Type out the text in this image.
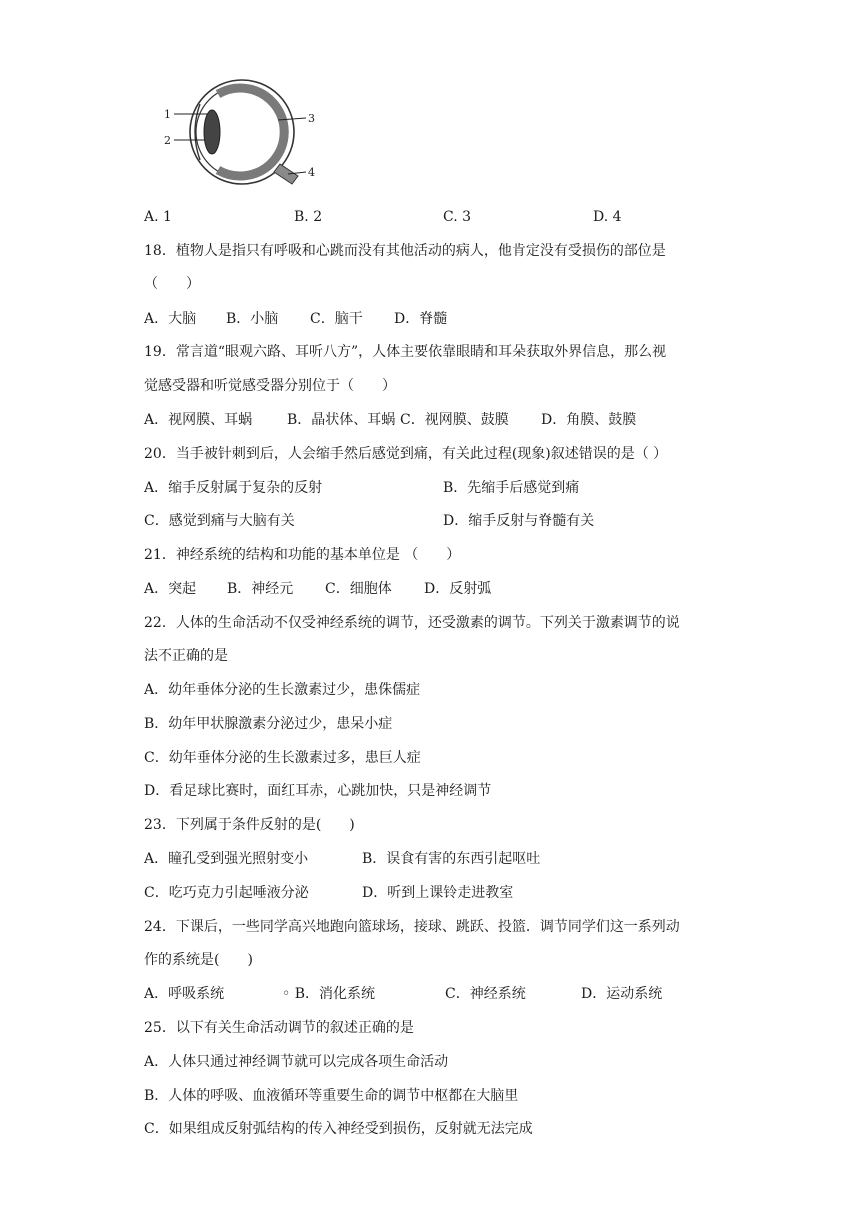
1
2
3
4
A. 1	B. 2	C. 3	D. 4
18．植物人是指只有呼吸和心跳而没有其他活动的病人，他肯定没有受损伤的部位是
（　　）
A．大脑 B．小脑 C．脑干 D．脊髓
19．常言道“眼观六路、耳听八方”，人体主要依靠眼睛和耳朵获取外界信息，那么视
觉感受器和听觉感受器分别位于（　　）
A．视网膜、耳蜗 B．晶状体、耳蜗 C．视网膜、鼓膜 D．角膜、鼓膜
20．当手被针刺到后，人会缩手然后感觉到痛，有关此过程(现象)叙述错误的是（ ）
A．缩手反射属于复杂的反射	B．先缩手后感觉到痛
C．感觉到痛与大脑有关	D．缩手反射与脊髓有关
21．神经系统的结构和功能的基本单位是 （　　）
A．突起 B．神经元 C．细胞体 D．反射弧
22．人体的生命活动不仅受神经系统的调节，还受激素的调节。下列关于激素调节的说
法不正确的是
A．幼年垂体分泌的生长激素过少，患侏儒症
B．幼年甲状腺激素分泌过少，患呆小症
C．幼年垂体分泌的生长激素过多，患巨人症
D．看足球比赛时，面红耳赤，心跳加快，只是神经调节
23．下列属于条件反射的是(　　)
A．瞳孔受到强光照射变小	B．误食有害的东西引起呕吐
C．吃巧克力引起唾液分泌	D．听到上课铃走进教室
24．下课后，一些同学高兴地跑向篮球场，接球、跳跃、投篮．调节同学们这一系列动
作的系统是(　　)
A．呼吸系统	◦ B．消化系统	C．神经系统	D．运动系统
25．以下有关生命活动调节的叙述正确的是
A．人体只通过神经调节就可以完成各项生命活动
B．人体的呼吸、血液循环等重要生命的调节中枢都在大脑里
C．如果组成反射弧结构的传入神经受到损伤，反射就无法完成
